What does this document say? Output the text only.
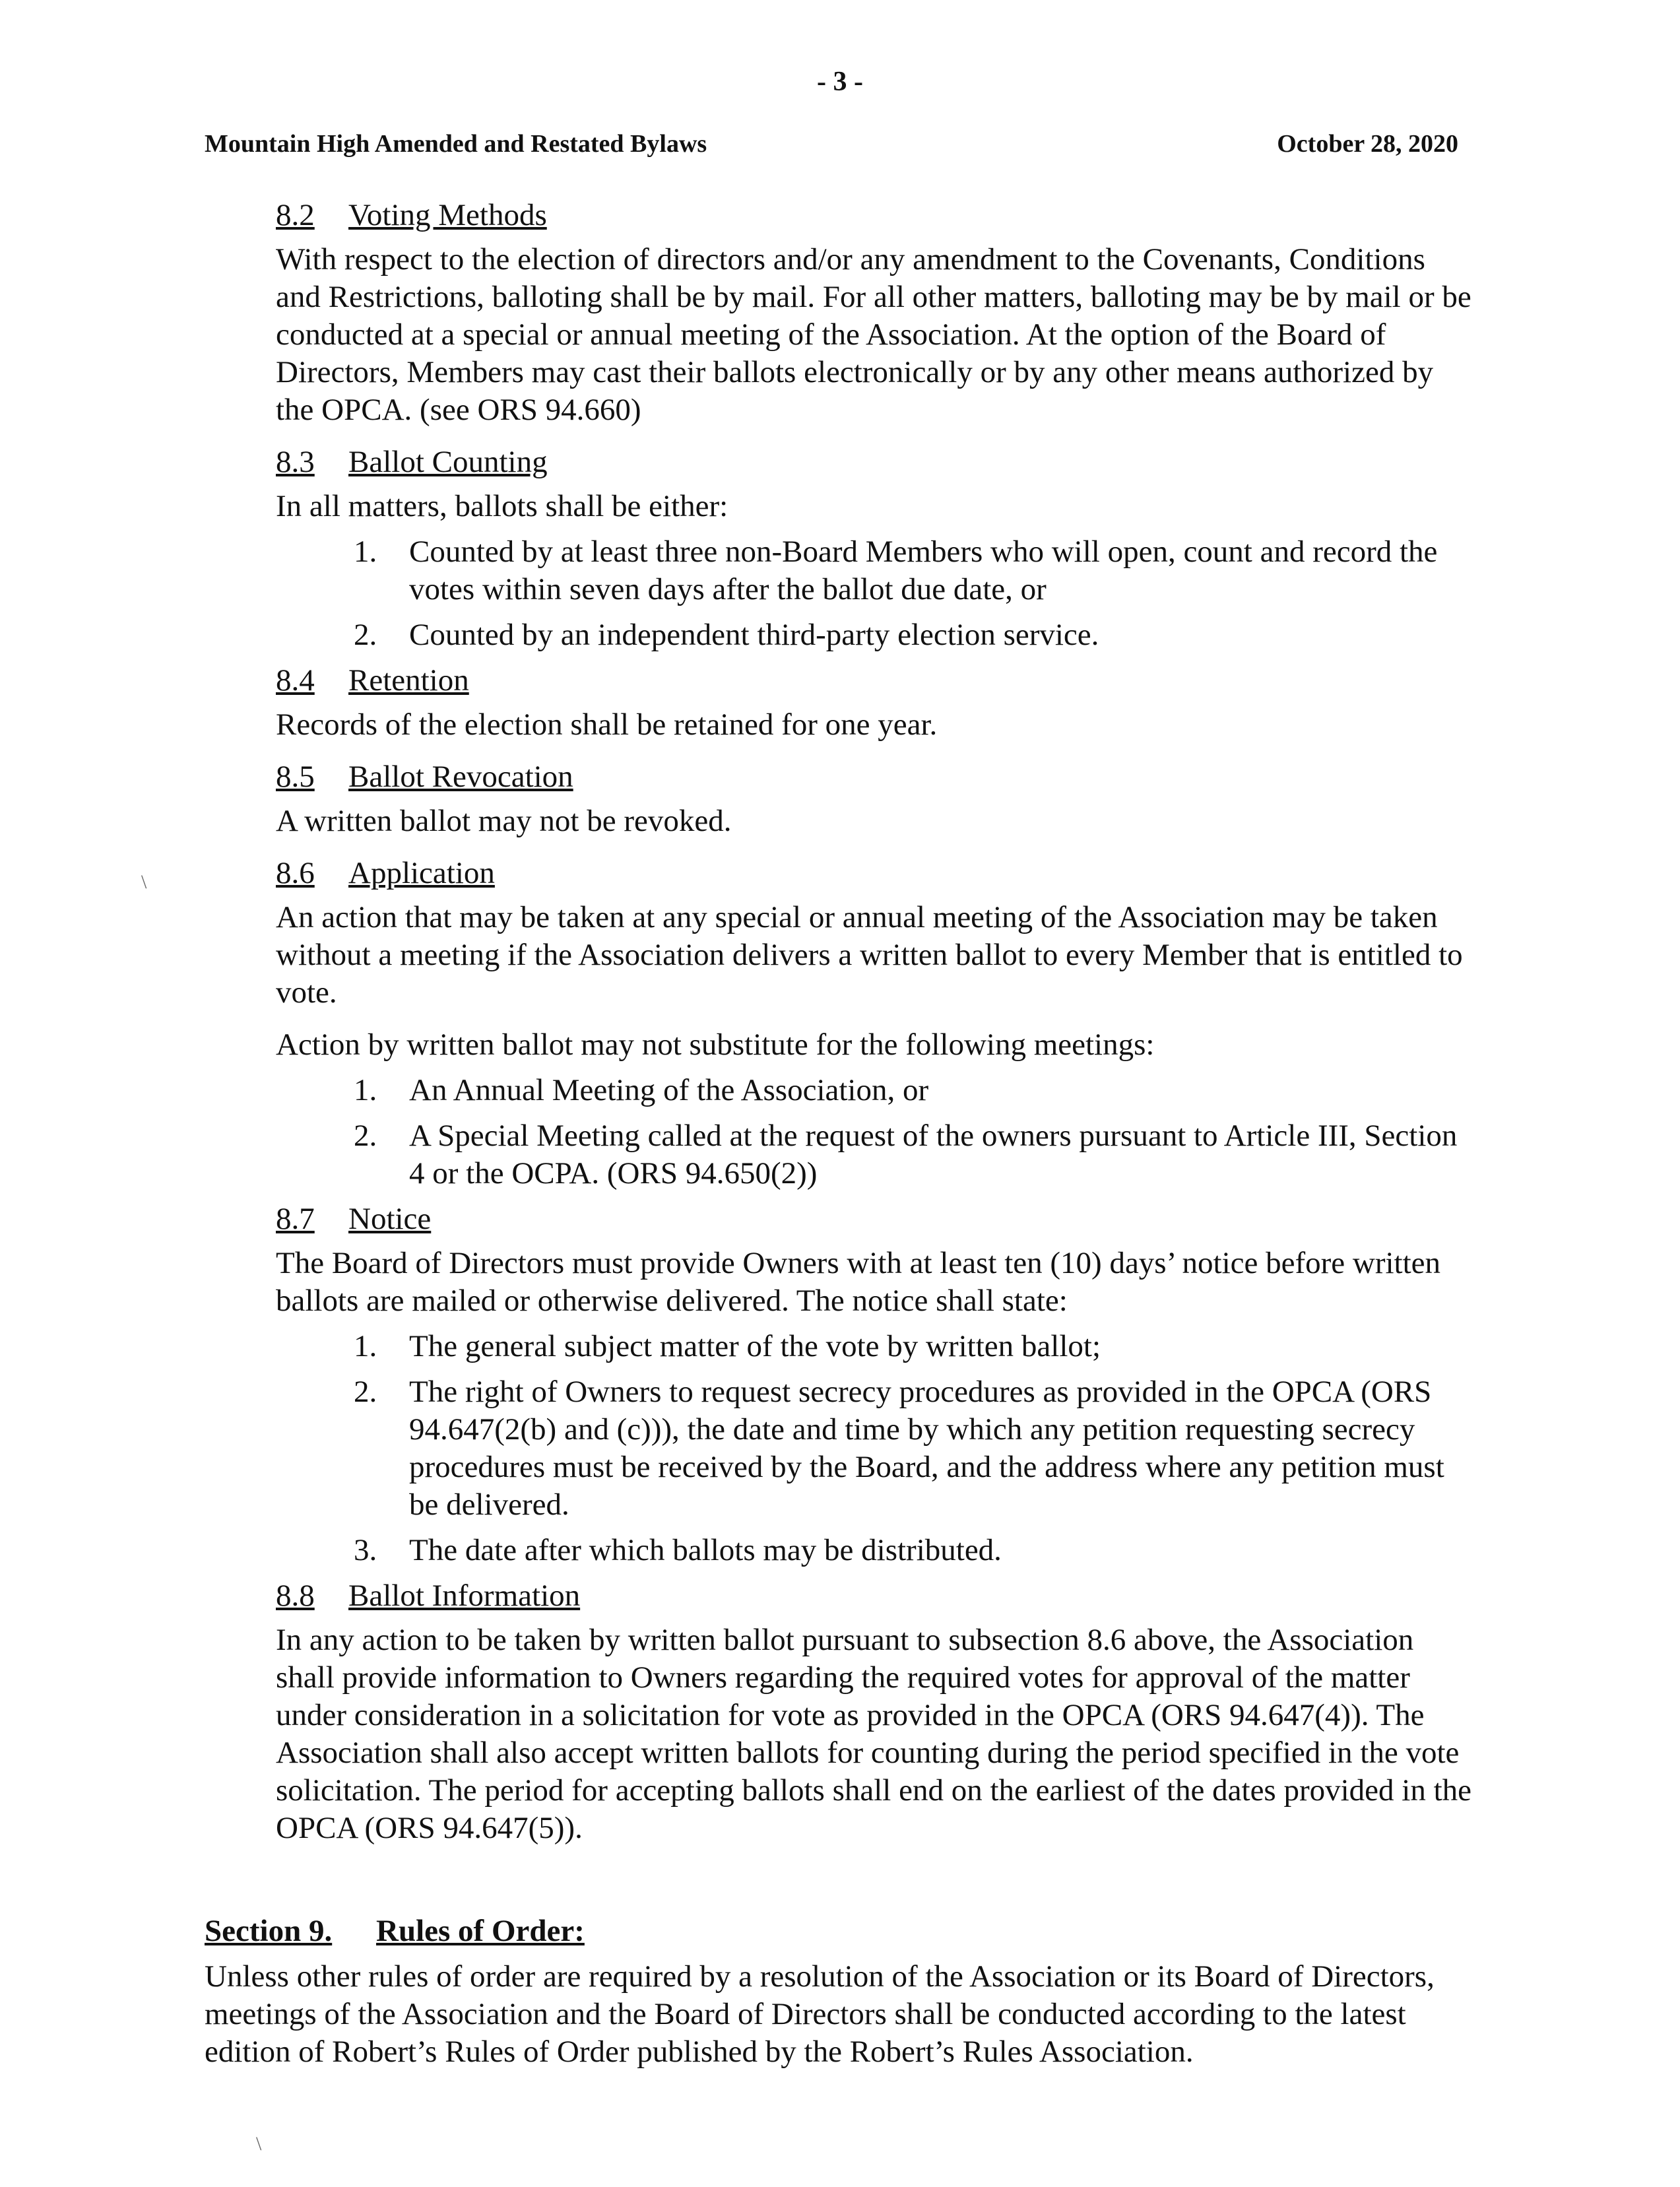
- 3 -
Mountain High Amended and Restated Bylaws	October 28, 2020
8.2 Voting Methods

With respect to the election of directors and/or any amendment to the Covenants, Conditions and Restrictions, balloting shall be by mail. For all other matters, balloting may be by mail or be conducted at a special or annual meeting of the Association. At the option of the Board of Directors, Members may cast their ballots electronically or by any other means authorized by the OPCA. (see ORS 94.660)

8.3 Ballot Counting

In all matters, ballots shall be either:

1. Counted by at least three non-Board Members who will open, count and record the votes within seven days after the ballot due date, or
2. Counted by an independent third-party election service.
8.4 Retention

Records of the election shall be retained for one year.

8.5 Ballot Revocation

A written ballot may not be revoked.

8.6 Application

An action that may be taken at any special or annual meeting of the Association may be taken without a meeting if the Association delivers a written ballot to every Member that is entitled to vote.

Action by written ballot may not substitute for the following meetings:

1. An Annual Meeting of the Association, or
2. A Special Meeting called at the request of the owners pursuant to Article III, Section 4 or the OCPA. (ORS 94.650(2))
8.7 Notice

The Board of Directors must provide Owners with at least ten (10) days’ notice before written ballots are mailed or otherwise delivered. The notice shall state:

1. The general subject matter of the vote by written ballot;
2. The right of Owners to request secrecy procedures as provided in the OPCA (ORS 94.647(2(b) and (c))), the date and time by which any petition requesting secrecy procedures must be received by the Board, and the address where any petition must be delivered.
3. The date after which ballots may be distributed.
8.8 Ballot Information

In any action to be taken by written ballot pursuant to subsection 8.6 above, the Association shall provide information to Owners regarding the required votes for approval of the matter under consideration in a solicitation for vote as provided in the OPCA (ORS 94.647(4)). The Association shall also accept written ballots for counting during the period specified in the vote solicitation. The period for accepting ballots shall end on the earliest of the dates provided in the OPCA (ORS 94.647(5)).

Section 9. Rules of Order:

Unless other rules of order are required by a resolution of the Association or its Board of Directors, meetings of the Association and the Board of Directors shall be conducted according to the latest edition of Robert’s Rules of Order published by the Robert’s Rules Association.

\
\
